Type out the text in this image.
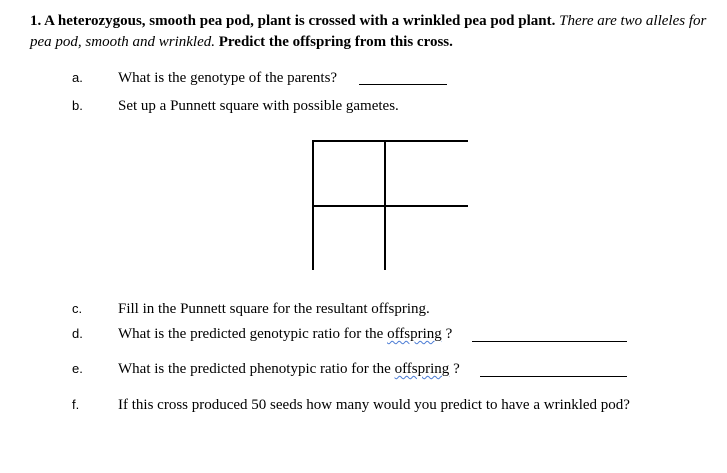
1. A heterozygous, smooth pea pod, plant is crossed with a wrinkled pea pod plant. There are two alleles for pea pod, smooth and wrinkled. Predict the offspring from this cross.
a. What is the genotype of the parents?
b. Set up a Punnett square with possible gametes.
c. Fill in the Punnett square for the resultant offspring.
d. What is the predicted genotypic ratio for the offspring ?
e. What is the predicted phenotypic ratio for the offspring ?
f.	If this cross produced 50 seeds how many would you predict to have a wrinkled pod?
